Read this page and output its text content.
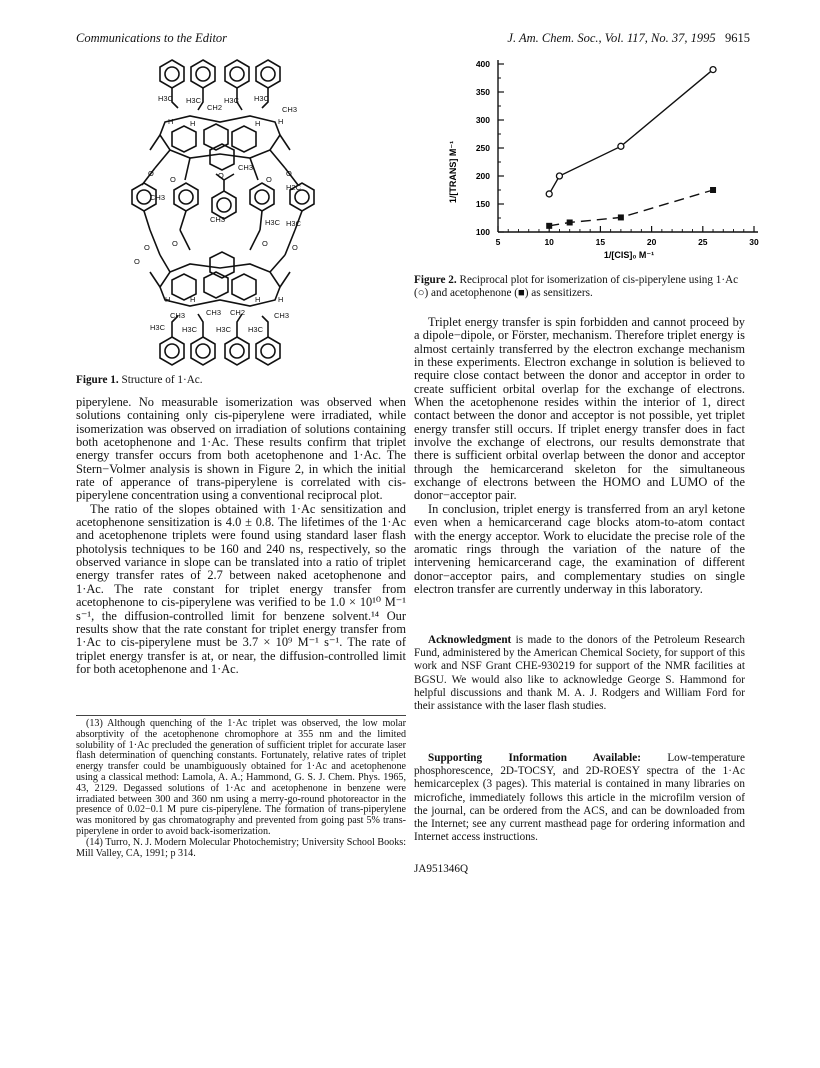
Communications to the Editor	J. Am. Chem. Soc., Vol. 117, No. 37, 1995 9615
H3C H3C
CH2
H3C H3C
CH3
H H	H H
CH3
CH3	H3C
O	O
O	O
O
O	O
O	O
O
H	H	H H
CH3	CH3 CH2	CH3
H3C H3C	H3C H3C
H2C
H3C
CH3
Figure 1. Structure of 1·Ac.
100
150
200
250
300
350
400
5	10	15	20	25	30
1/[TRANS] M⁻¹
1/[CIS]₀ M⁻¹
Figure 2. Reciprocal plot for isomerization of cis-piperylene using 1·Ac (○) and acetophenone (■) as sensitizers.

piperylene. No measurable isomerization was observed when solutions containing only cis-piperylene were irradiated, while isomerization was observed on irradiation of solutions containing both acetophenone and 1·Ac. These results confirm that triplet energy transfer occurs from both acetophenone and 1·Ac. The Stern−Volmer analysis is shown in Figure 2, in which the initial rate of apperance of trans-piperylene is correlated with cis-piperylene concentration using a conventional reciprocal plot.

The ratio of the slopes obtained with 1·Ac sensitization and acetophenone sensitization is 4.0 ± 0.8. The lifetimes of the 1·Ac and acetophenone triplets were found using standard laser flash photolysis techniques to be 160 and 240 ns, respectively, so the observed variance in slope can be translated into a ratio of triplet energy transfer rates of 2.7 between naked acetophenone and 1·Ac. The rate constant for triplet energy transfer from acetophenone to cis-piperylene was verified to be 1.0 × 10¹⁰ M⁻¹ s⁻¹, the diffusion-controlled limit for benzene solvent.¹⁴ Our results show that the rate constant for triplet energy transfer from 1·Ac to cis-piperylene must be 3.7 × 10⁹ M⁻¹ s⁻¹. The rate of triplet energy transfer is at, or near, the diffusion-controlled limit for both acetophenone and 1·Ac.

(13) Although quenching of the 1·Ac triplet was observed, the low molar absorptivity of the acetophenone chromophore at 355 nm and the limited solubility of 1·Ac precluded the generation of sufficient triplet for accurate laser flash determination of quenching constants. Fortunately, relative rates of triplet energy transfer could be unambiguously obtained for 1·Ac and acetophenone using a classical method: Lamola, A. A.; Hammond, G. S. J. Chem. Phys. 1965, 43, 2129. Degassed solutions of 1·Ac and acetophenone in benzene were irradiated between 300 and 360 nm using a merry-go-round photoreactor in the presence of 0.02−0.1 M pure cis-piperylene. The formation of trans-piperylene was monitored by gas chromatography and prevented from going past 5% trans-piperylene in order to avoid back-isomerization.

(14) Turro, N. J. Modern Molecular Photochemistry; University School Books: Mill Valley, CA, 1991; p 314.

Triplet energy transfer is spin forbidden and cannot proceed by a dipole−dipole, or Förster, mechanism. Therefore triplet energy is almost certainly transferred by the electron exchange mechanism in these experiments. Electron exchange in solution is believed to require close contact between the donor and acceptor in order to create sufficient orbital overlap for the exchange of electrons. When the acetophenone resides within the interior of 1, direct contact between the donor and acceptor is not possible, yet triplet energy transfer still occurs. If triplet energy transfer does in fact involve the exchange of electrons, our results demonstrate that there is sufficient orbital overlap between the donor and acceptor through the hemicarcerand skeleton for the simultaneous exchange of electrons between the HOMO and LUMO of the donor−acceptor pair.

In conclusion, triplet energy is transferred from an aryl ketone even when a hemicarcerand cage blocks atom-to-atom contact with the energy acceptor. Work to elucidate the precise role of the aromatic rings through the variation of the nature of the intervening hemicarcerand cage, the examination of different donor−acceptor pairs, and complementary studies on single electron transfer are currently underway in this laboratory.

Acknowledgment is made to the donors of the Petroleum Research Fund, administered by the American Chemical Society, for support of this work and NSF Grant CHE-930219 for support of the NMR facilities at BGSU. We would also like to acknowledge George S. Hammond for helpful discussions and thank M. A. J. Rodgers and William Ford for their assistance with the laser flash studies.

Supporting Information Available: Low-temperature phosphorescence, 2D-TOCSY, and 2D-ROESY spectra of the 1·Ac hemicarceplex (3 pages). This material is contained in many libraries on microfiche, immediately follows this article in the microfilm version of the journal, can be ordered from the ACS, and can be downloaded from the Internet; see any current masthead page for ordering information and Internet access instructions.

JA951346Q
